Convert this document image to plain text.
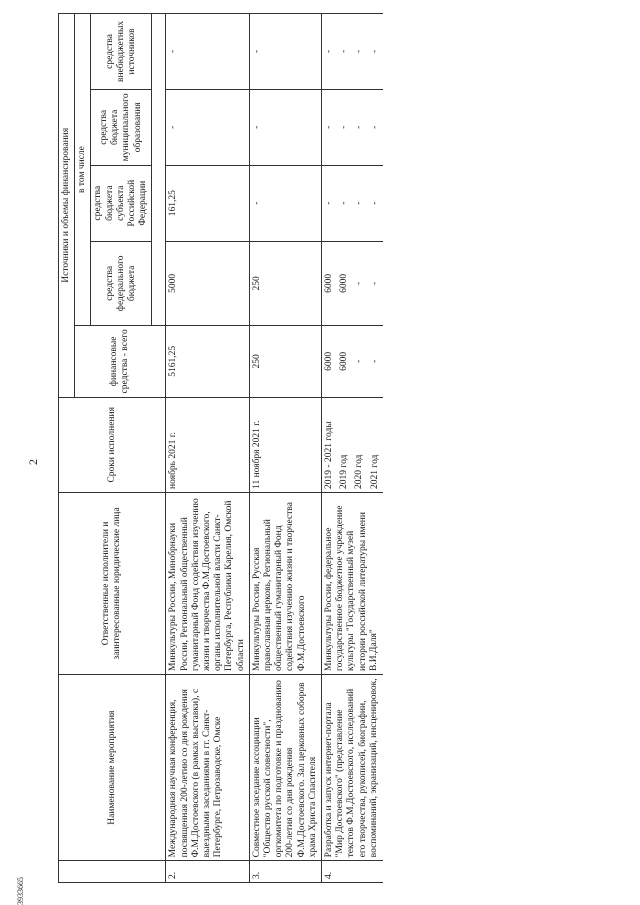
2
3933665
	Наименование мероприятия	Ответственные исполнители и заинтересованные юридические лица	Сроки исполнения	Источники и объемы финансирования				
				финансовые средства - всего	в том числе			
					средства федерального бюджета	средства бюджета субъекта Российской Федерации	средства бюджета муниципального образования	средства внебюджетных источников

2.	Международная научная конференция, посвященная 200-летию со дня рождения Ф.М.Достоевского (в рамках выставки), с выездными заседаниями в гг. Санкт-Петербурге, Петрозаводске, Омске	Минкультуры России, Минобрнауки России, Региональный общественный гуманитарный Фонд содействия изучению жизни и творчества Ф.М.Достоевского, органы исполнительной власти Санкт-Петербурга, Республики Карелия, Омской области	ноябрь 2021 г.	5161,25	5000	161,25	-	-
3.	Совместное заседание ассоциации "Общество русской словесности", оргкомитета по подготовке и празднованию 200-летия со дня рождения Ф.М.Достоевского. Зал церковных соборов храма Христа Спасителя	Минкультуры России, Русская православная церковь, Региональный общественный гуманитарный Фонд содействия изучению жизни и творчества Ф.М.Достоевского	11 ноября 2021 г.	250	250	-	-	-
4.	Разработка и запуск интернет-портала "Мир Достоевского" (представление текстов Ф.М.Достоевского, исследований его творчества, рукописей, биографии, воспоминаний, экранизаций, инсценировок,	Минкультуры России, федеральное государственное бюджетное учреждение культуры "Государственный музей истории российской литературы имени В.И.Даля"	2019 - 2021 годы	6000	6000	-	-	-
			2019 год	6000	6000	-	-	-
			2020 год	-	-	-	-	-
			2021 год	-	-	-	-	-
